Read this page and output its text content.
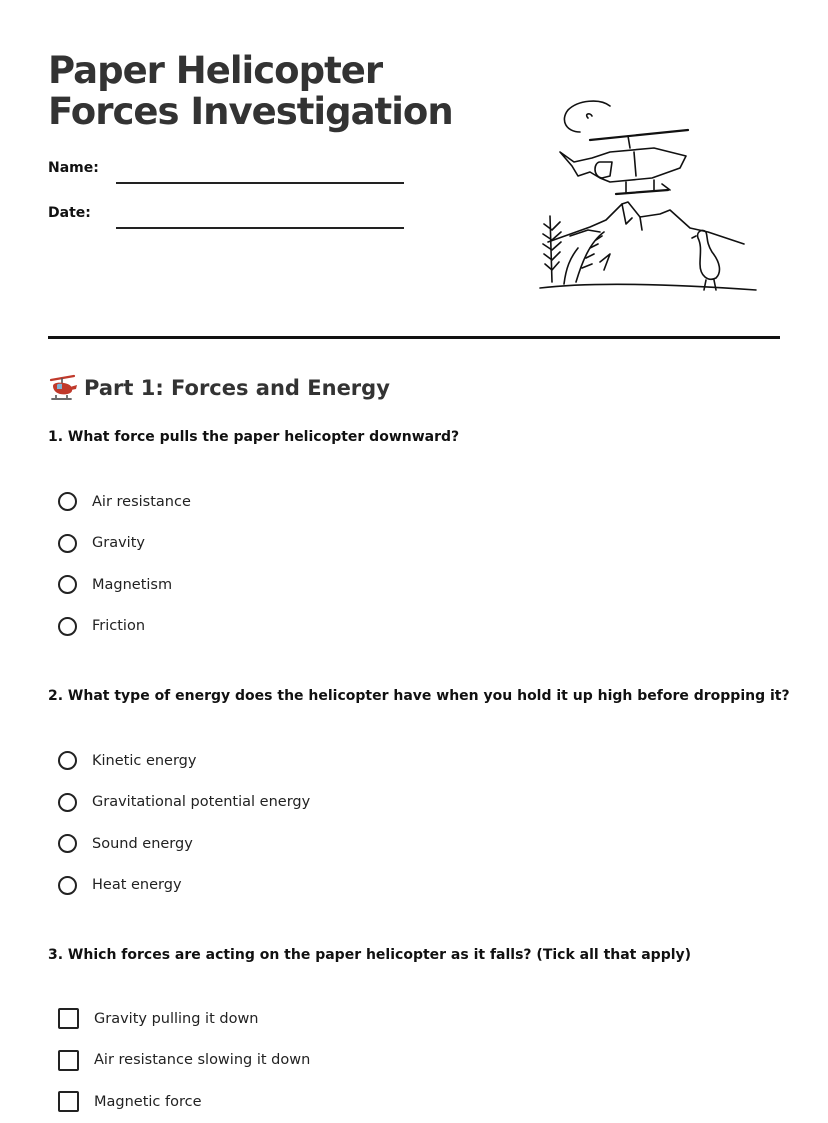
Paper Helicopter Forces Investigation
Name:
Date:
Part 1: Forces and Energy
1. What force pulls the paper helicopter downward?
Air resistance
Gravity
Magnetism
Friction
2. What type of energy does the helicopter have when you hold it up high before dropping it?
Kinetic energy
Gravitational potential energy
Sound energy
Heat energy
3. Which forces are acting on the paper helicopter as it falls? (Tick all that apply)
Gravity pulling it down
Air resistance slowing it down
Magnetic force
